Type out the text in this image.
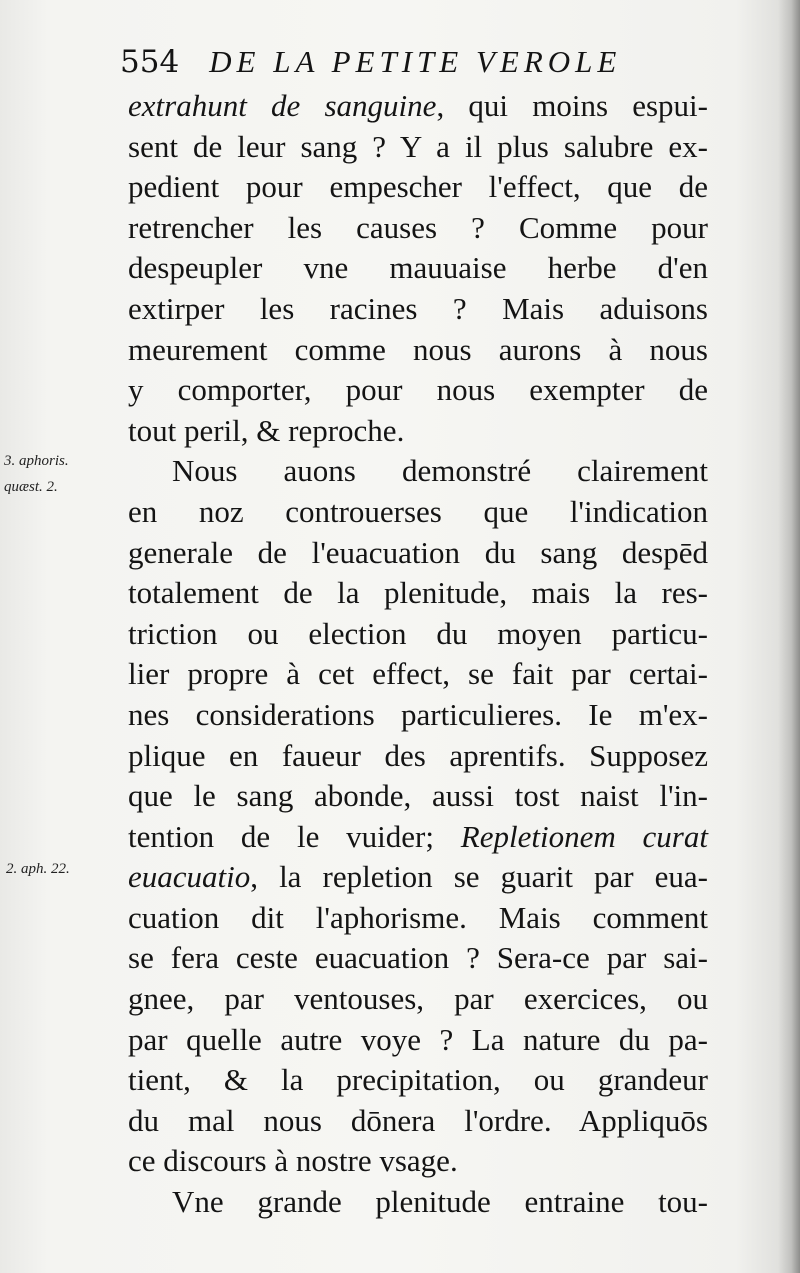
554 DE LA PETITE VEROLE
3. aphoris.
quæst. 2.
2. aph. 22.
extrahunt de sanguine, qui moins espui-
sent de leur sang ? Y a il plus salubre ex-
pedient pour empescher l'effect, que de
retrencher les causes ? Comme pour
despeupler vne mauuaise herbe d'en
extirper les racines ? Mais aduisons
meurement comme nous aurons à nous
y comporter, pour nous exempter de
tout peril, & reproche.
Nous auons demonstré clairement
en noz controuerses que l'indication
generale de l'euacuation du sang despēd
totalement de la plenitude, mais la res-
triction ou election du moyen particu-
lier propre à cet effect, se fait par certai-
nes considerations particulieres. Ie m'ex-
plique en faueur des aprentifs. Supposez
que le sang abonde, aussi tost naist l'in-
tention de le vuider; Repletionem curat
euacuatio, la repletion se guarit par eua-
cuation dit l'aphorisme. Mais comment
se fera ceste euacuation ? Sera-ce par sai-
gnee, par ventouses, par exercices, ou
par quelle autre voye ? La nature du pa-
tient, & la precipitation, ou grandeur
du mal nous dōnera l'ordre. Appliquōs
ce discours à nostre vsage.
Vne grande plenitude entraine tou-
